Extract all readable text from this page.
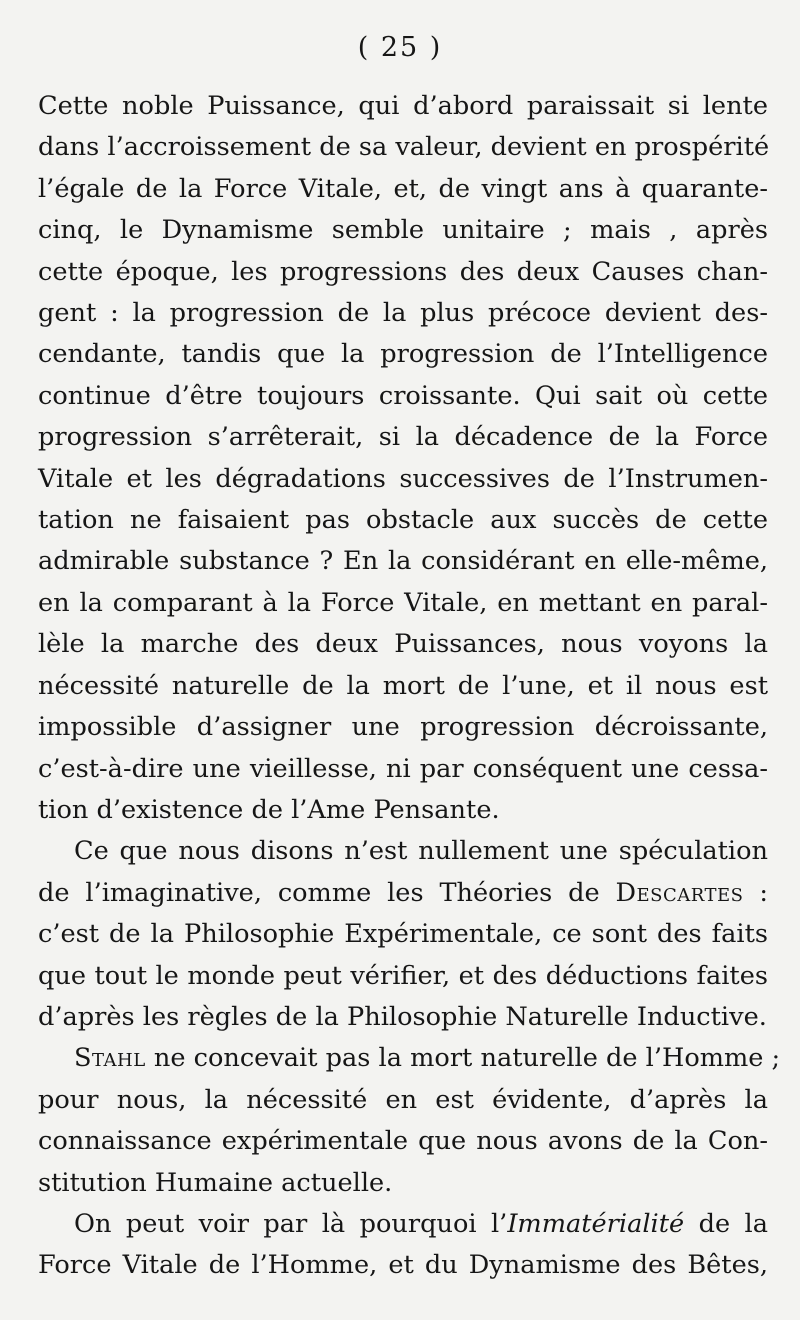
( 25 )

Cette noble Puissance, qui d’abord paraissait si lente
dans l’accroissement de sa valeur, devient en prospérité
l’égale de la Force Vitale, et, de vingt ans à quarante-
cinq, le Dynamisme semble unitaire ; mais , après
cette époque, les progressions des deux Causes chan-
gent : la progression de la plus précoce devient des-
cendante, tandis que la progression de l’Intelligence
continue d’être toujours croissante. Qui sait où cette
progression s’arrêterait, si la décadence de la Force
Vitale et les dégradations successives de l’Instrumen-
tation ne faisaient pas obstacle aux succès de cette
admirable substance ? En la considérant en elle-même,
en la comparant à la Force Vitale, en mettant en paral-
lèle la marche des deux Puissances, nous voyons la
nécessité naturelle de la mort de l’une, et il nous est
impossible d’assigner une progression décroissante,
c’est-à-dire une vieillesse, ni par conséquent une cessa-
tion d’existence de l’Ame Pensante.

Ce que nous disons n’est nullement une spéculation
de l’imaginative, comme les Théories de Descartes :
c’est de la Philosophie Expérimentale, ce sont des faits
que tout le monde peut vérifier, et des déductions faites
d’après les règles de la Philosophie Naturelle Inductive.

Stahl ne concevait pas la mort naturelle de l’Homme ;
pour nous, la nécessité en est évidente, d’après la
connaissance expérimentale que nous avons de la Con-
stitution Humaine actuelle.

On peut voir par là pourquoi l’Immatérialité de la
Force Vitale de l’Homme, et du Dynamisme des Bêtes,
